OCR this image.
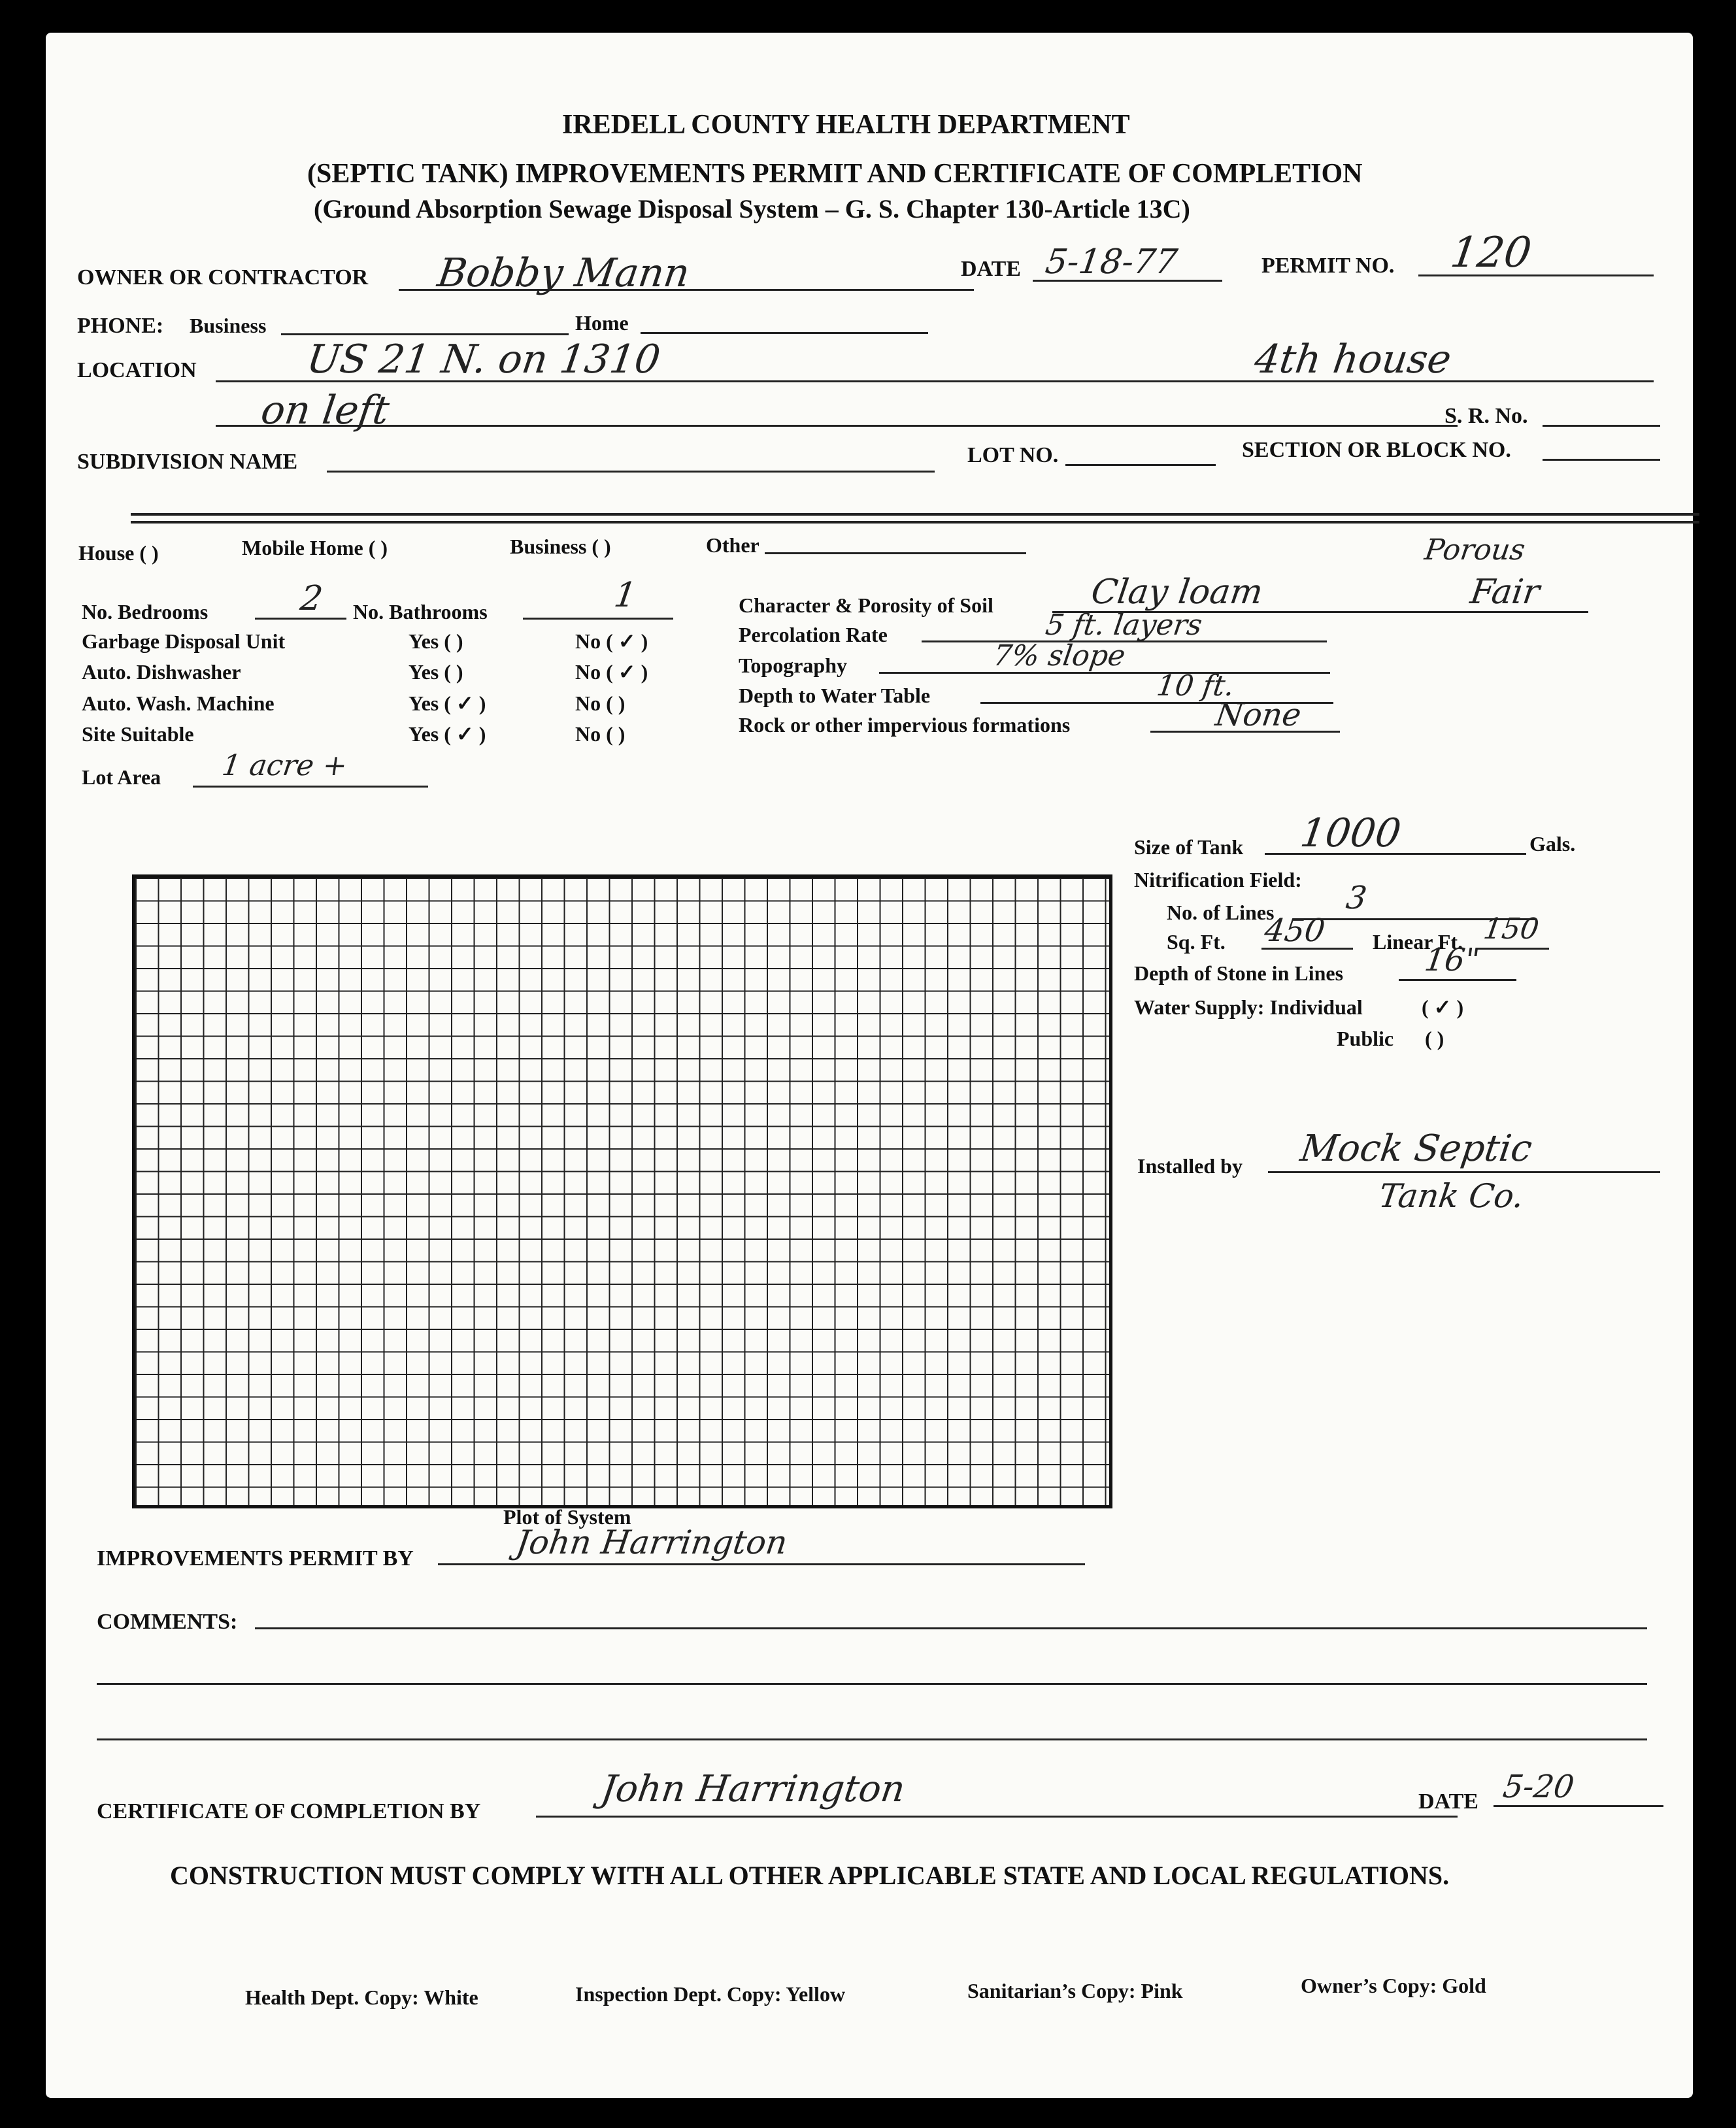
IREDELL COUNTY HEALTH DEPARTMENT
(SEPTIC TANK) IMPROVEMENTS PERMIT AND CERTIFICATE OF COMPLETION
(Ground Absorption Sewage Disposal System – G. S. Chapter 130-Article 13C)
OWNER OR CONTRACTOR Bobby Mann	DATE 5-18-77	PERMIT NO. 120
PHONE: Business	Home
LOCATION	US 21 N. on 1310	4th house
on left	S. R. No.
SUBDIVISION NAME	LOT NO.	SECTION OR BLOCK NO.
House ( )	Mobile Home ( )	Business ( )	Other	Porous
No. Bedrooms	2 No. Bathrooms	1
Garbage Disposal Unit	Yes ( )	No ( ✓ )
Auto. Dishwasher	Yes ( )	No ( ✓ )
Auto. Wash. Machine	Yes ( ✓ )	No ( )
Site Suitable	Yes ( ✓ )	No ( )
Lot Area 1 acre +
Character & Porosity of Soil	Clay loam	Fair
Percolation Rate	5 ft. layers
Topography	7% slope
Depth to Water Table	10 ft.
Rock or other impervious formations	None
Plot of System
Size of Tank 1000	Gals.
Nitrification Field:
No. of Lines 3
Sq. Ft. 450 Linear Ft. 150
Depth of Stone in Lines	16"
Water Supply: Individual	( ✓ )
Public ( )
Installed by Mock Septic
Tank Co.
IMPROVEMENTS PERMIT BY	John Harrington
COMMENTS:
CERTIFICATE OF COMPLETION BY
John Harrington	DATE 5-20
CONSTRUCTION MUST COMPLY WITH ALL OTHER APPLICABLE STATE AND LOCAL REGULATIONS.
Health Dept. Copy: White	Inspection Dept. Copy: Yellow	Sanitarian’s Copy: Pink	Owner’s Copy: Gold
